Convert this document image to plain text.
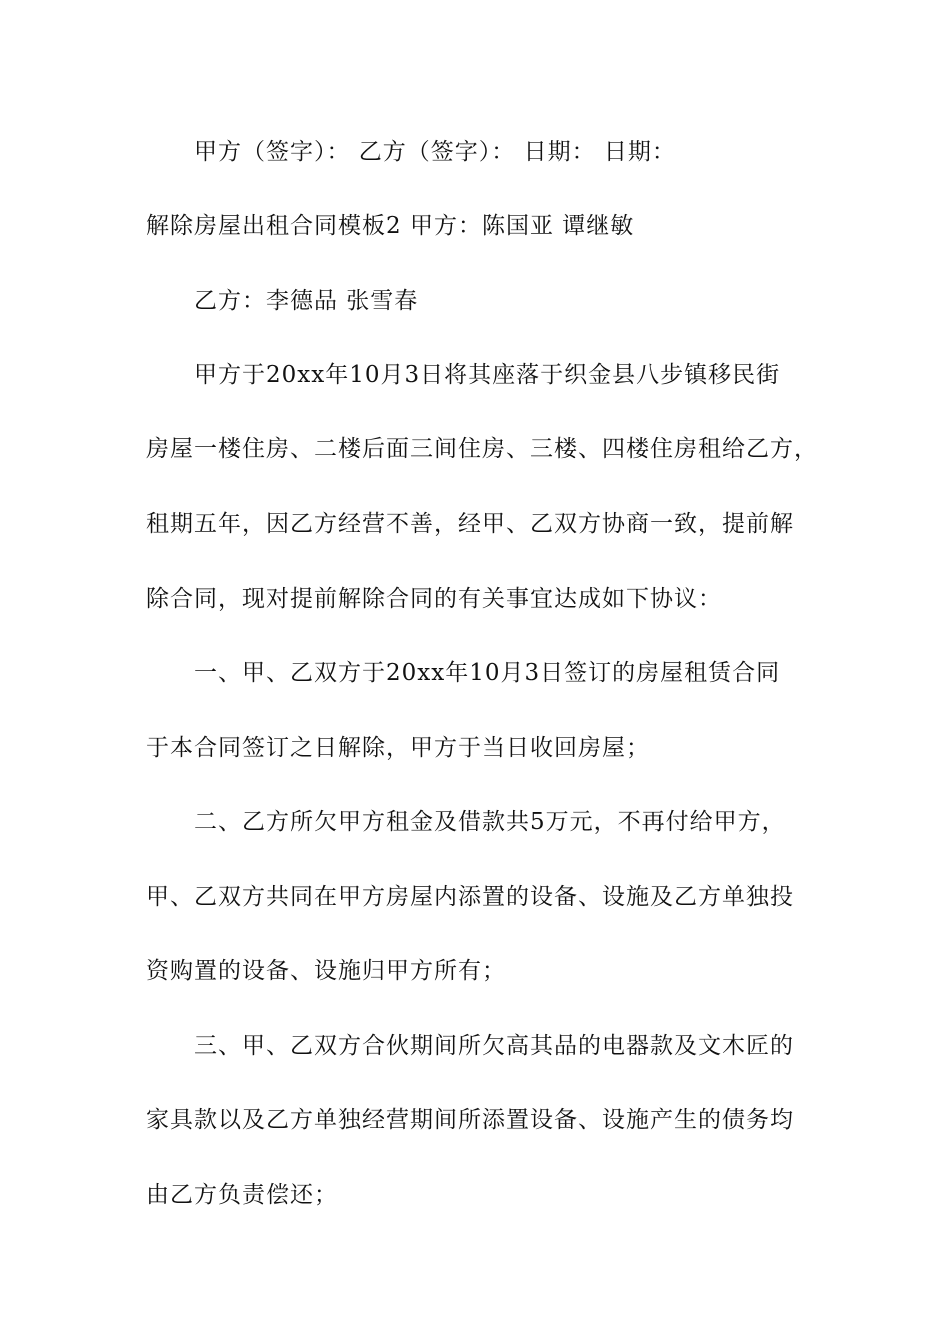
甲方（签字）： 乙方（签字）： 日期： 日期：
解除房屋出租合同模板2 甲方：陈国亚 谭继敏
乙方：李德品 张雪春
甲方于20xx年10月3日将其座落于织金县八步镇移民街
房屋一楼住房、二楼后面三间住房、三楼、四楼住房租给乙方，
租期五年，因乙方经营不善，经甲、乙双方协商一致，提前解
除合同，现对提前解除合同的有关事宜达成如下协议：
一、甲、乙双方于20xx年10月3日签订的房屋租赁合同
于本合同签订之日解除，甲方于当日收回房屋；
二、乙方所欠甲方租金及借款共5万元，不再付给甲方，
甲、乙双方共同在甲方房屋内添置的设备、设施及乙方单独投
资购置的设备、设施归甲方所有；
三、甲、乙双方合伙期间所欠高其品的电器款及文木匠的
家具款以及乙方单独经营期间所添置设备、设施产生的债务均
由乙方负责偿还；
